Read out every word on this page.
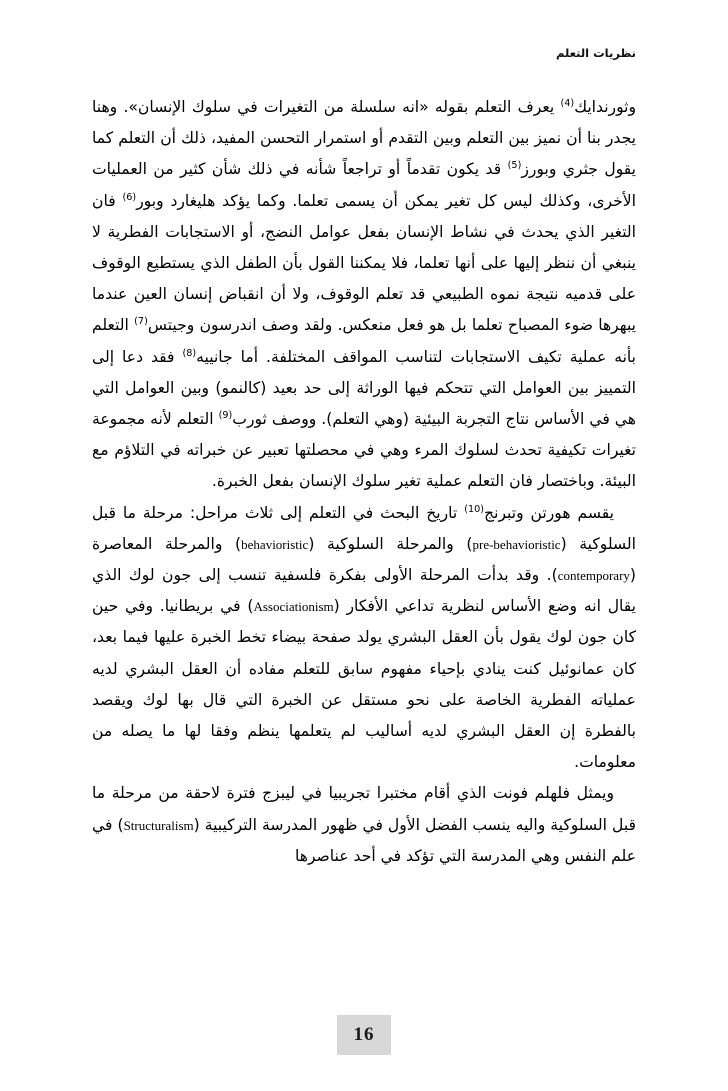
نظريات التعلم

وثورندايك$^{(4)}$ يعرف التعلم بقوله «انه سلسلة من التغيرات في سلوك الإنسان». وهنا يجدر بنا أن نميز بين التعلم وبين التقدم أو استمرار التحسن المفيد، ذلك أن التعلم كما يقول جثري وبورز$^{(5)}$ قد يكون تقدماً أو تراجعاً شأنه في ذلك شأن كثير من العمليات الأخرى، وكذلك ليس كل تغير يمكن أن يسمى تعلما. وكما يؤكد هليغارد وبور$^{(6)}$ فان التغير الذي يحدث في نشاط الإنسان بفعل عوامل النضج، أو الاستجابات الفطرية لا ينبغي أن ننظر إليها على أنها تعلما، فلا يمكننا القول بأن الطفل الذي يستطيع الوقوف على قدميه نتيجة نموه الطبيعي قد تعلم الوقوف، ولا أن انقباض إنسان العين عندما يبهرها ضوء المصباح تعلما بل هو فعل منعكس. ولقد وصف اندرسون وجيتس$^{(7)}$ التعلم بأنه عملية تكيف الاستجابات لتناسب المواقف المختلفة. أما جانييه$^{(8)}$ فقد دعا إلى التمييز بين العوامل التي تتحكم فيها الوراثة إلى حد بعيد (كالنمو) وبين العوامل التي هي في الأساس نتاج التجربة البيئية (وهي التعلم). ووصف ثورب$^{(9)}$ التعلم لأنه مجموعة تغيرات تكيفية تحدث لسلوك المرء وهي في محصلتها تعبير عن خبراته في التلاؤم مع البيئة. وباختصار فان التعلم عملية تغير سلوك الإنسان بفعل الخبرة.

يقسم هورتن وتبرنج$^{(10)}$ تاريخ البحث في التعلم إلى ثلاث مراحل: مرحلة ما قبل السلوكية (pre-behavioristic) والمرحلة السلوكية (behavioristic) والمرحلة المعاصرة (contemporary). وقد بدأت المرحلة الأولى بفكرة فلسفية تنسب إلى جون لوك الذي يقال انه وضع الأساس لنظرية تداعي الأفكار (Associationism) في بريطانيا. وفي حين كان جون لوك يقول بأن العقل البشري يولد صفحة بيضاء تخط الخبرة عليها فيما بعد، كان عمانوئيل كنت ينادي بإحياء مفهوم سابق للتعلم مفاده أن العقل البشري لديه عملياته الفطرية الخاصة على نحو مستقل عن الخبرة التي قال بها لوك ويقصد بالفطرة إن العقل البشري لديه أساليب لم يتعلمها ينظم وفقا لها ما يصله من معلومات.

ويمثل فلهلم فونت الذي أقام مختبرا تجريبيا في ليبزج فترة لاحقة من مرحلة ما قبل السلوكية واليه ينسب الفضل الأول في ظهور المدرسة التركيبية (Structuralism) في علم النفس وهي المدرسة التي تؤكد في أحد عناصرها

16
